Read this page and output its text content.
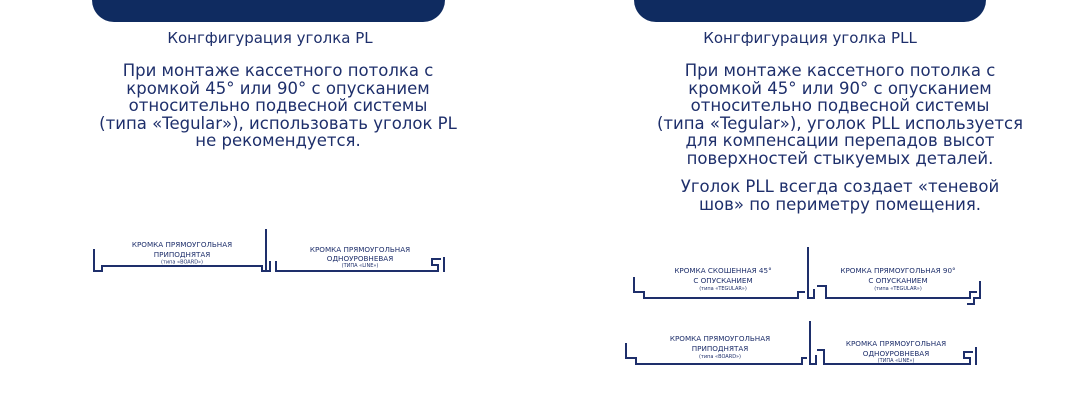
Конгфигурация уголка PL

При монтаже кассетного потолка с
кромкой 45° или 90° с опусканием
относительно подвесной системы
(типа «Tegular»), использовать уголок PL
не рекомендуется.

КРОМКА ПРЯМОУГОЛЬНАЯ
ПРИПОДНЯТАЯ
(типа «BOARD»)
КРОМКА ПРЯМОУГОЛЬНАЯ
ОДНОУРОВНЕВАЯ
(ТИПА «LINE»)
Конгфигурация уголка PLL

При монтаже кассетного потолка с
кромкой 45° или 90° с опусканием
относительно подвесной системы
(типа «Tegular»), уголок PLL используется
для компенсации перепадов высот
поверхностей стыкуемых деталей.

Уголок PLL всегда создает «теневой
шов» по периметру помещения.

КРОМКА СКОШЕННАЯ 45°
С ОПУСКАНИЕМ
(типа «TEGULAR»)
КРОМКА ПРЯМОУГОЛЬНАЯ 90°
С ОПУСКАНИЕМ
(типа «TEGULAR»)
КРОМКА ПРЯМОУГОЛЬНАЯ
ПРИПОДНЯТАЯ
(типа «BOARD»)
КРОМКА ПРЯМОУГОЛЬНАЯ
ОДНОУРОВНЕВАЯ
(ТИПА «LINE»)
